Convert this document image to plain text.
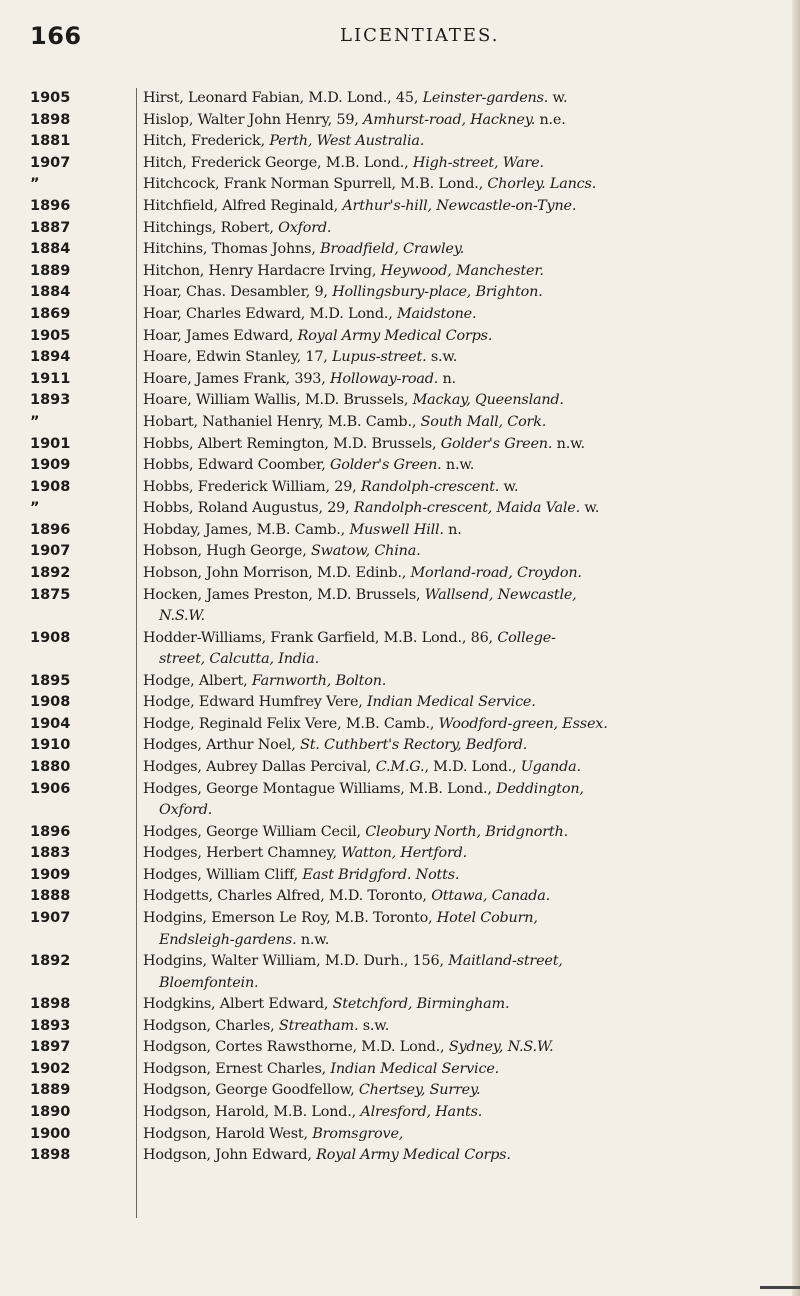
166	LICENTIATES.
1905	Hirst, Leonard Fabian, M.D. Lond., 45, Leinster-gardens. w.
1898	Hislop, Walter John Henry, 59, Amhurst-road, Hackney. n.e.
1881	Hitch, Frederick, Perth, West Australia.
1907	Hitch, Frederick George, M.B. Lond., High-street, Ware.
”	Hitchcock, Frank Norman Spurrell, M.B. Lond., Chorley. Lancs.
1896	Hitchfield, Alfred Reginald, Arthur's-hill, Newcastle-on-Tyne.
1887	Hitchings, Robert, Oxford.
1884	Hitchins, Thomas Johns, Broadfield, Crawley.
1889	Hitchon, Henry Hardacre Irving, Heywood, Manchester.
1884	Hoar, Chas. Desambler, 9, Hollingsbury-place, Brighton.
1869	Hoar, Charles Edward, M.D. Lond., Maidstone.
1905	Hoar, James Edward, Royal Army Medical Corps.
1894	Hoare, Edwin Stanley, 17, Lupus-street. s.w.
1911	Hoare, James Frank, 393, Holloway-road. n.
1893	Hoare, William Wallis, M.D. Brussels, Mackay, Queensland.
”	Hobart, Nathaniel Henry, M.B. Camb., South Mall, Cork.
1901	Hobbs, Albert Remington, M.D. Brussels, Golder's Green. n.w.
1909	Hobbs, Edward Coomber, Golder's Green. n.w.
1908	Hobbs, Frederick William, 29, Randolph-crescent. w.
”	Hobbs, Roland Augustus, 29, Randolph-crescent, Maida Vale. w.
1896	Hobday, James, M.B. Camb., Muswell Hill. n.
1907	Hobson, Hugh George, Swatow, China.
1892	Hobson, John Morrison, M.D. Edinb., Morland-road, Croydon.
1875	Hocken, James Preston, M.D. Brussels, Wallsend, Newcastle,
N.S.W.
1908	Hodder-Williams, Frank Garfield, M.B. Lond., 86, College-
street, Calcutta, India.
1895	Hodge, Albert, Farnworth, Bolton.
1908	Hodge, Edward Humfrey Vere, Indian Medical Service.
1904	Hodge, Reginald Felix Vere, M.B. Camb., Woodford-green, Essex.
1910	Hodges, Arthur Noel, St. Cuthbert's Rectory, Bedford.
1880	Hodges, Aubrey Dallas Percival, C.M.G., M.D. Lond., Uganda.
1906	Hodges, George Montague Williams, M.B. Lond., Deddington,
Oxford.
1896	Hodges, George William Cecil, Cleobury North, Bridgnorth.
1883	Hodges, Herbert Chamney, Watton, Hertford.
1909	Hodges, William Cliff, East Bridgford. Notts.
1888	Hodgetts, Charles Alfred, M.D. Toronto, Ottawa, Canada.
1907	Hodgins, Emerson Le Roy, M.B. Toronto, Hotel Coburn,
Endsleigh-gardens. n.w.
1892	Hodgins, Walter William, M.D. Durh., 156, Maitland-street,
Bloemfontein.
1898	Hodgkins, Albert Edward, Stetchford, Birmingham.
1893	Hodgson, Charles, Streatham. s.w.
1897	Hodgson, Cortes Rawsthorne, M.D. Lond., Sydney, N.S.W.
1902	Hodgson, Ernest Charles, Indian Medical Service.
1889	Hodgson, George Goodfellow, Chertsey, Surrey.
1890	Hodgson, Harold, M.B. Lond., Alresford, Hants.
1900	Hodgson, Harold West, Bromsgrove,
1898	Hodgson, John Edward, Royal Army Medical Corps.
